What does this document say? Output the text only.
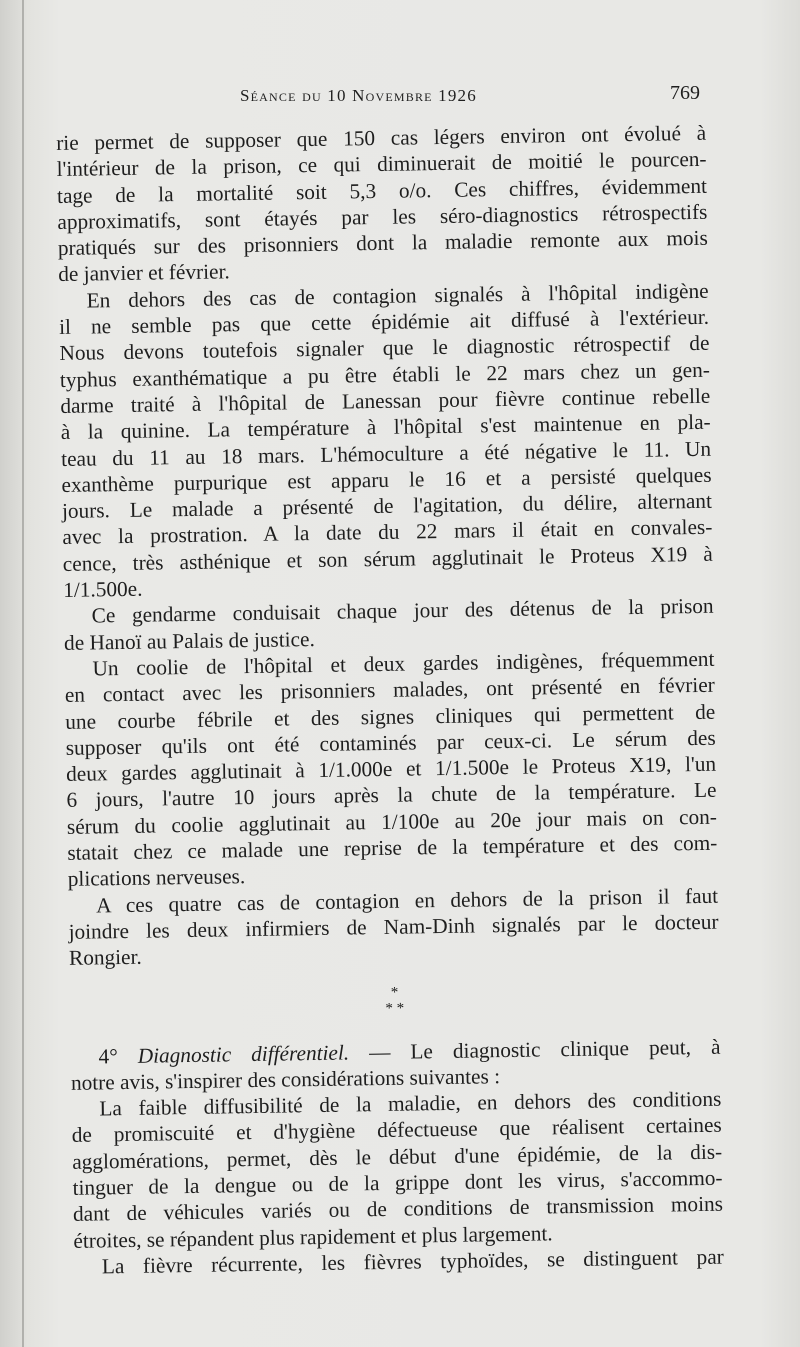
Séance du 10 Novembre 1926	769

rie permet de supposer que 150 cas légers environ ont évolué à
l'intérieur de la prison, ce qui diminuerait de moitié le pourcen-
tage de la mortalité soit 5,3 o/o. Ces chiffres, évidemment
approximatifs, sont étayés par les séro-diagnostics rétrospectifs
pratiqués sur des prisonniers dont la maladie remonte aux mois
de janvier et février.

En dehors des cas de contagion signalés à l'hôpital indigène
il ne semble pas que cette épidémie ait diffusé à l'extérieur.
Nous devons toutefois signaler que le diagnostic rétrospectif de
typhus exanthématique a pu être établi le 22 mars chez un gen-
darme traité à l'hôpital de Lanessan pour fièvre continue rebelle
à la quinine. La température à l'hôpital s'est maintenue en pla-
teau du 11 au 18 mars. L'hémoculture a été négative le 11. Un
exanthème purpurique est apparu le 16 et a persisté quelques
jours. Le malade a présenté de l'agitation, du délire, alternant
avec la prostration. A la date du 22 mars il était en convales-
cence, très asthénique et son sérum agglutinait le Proteus X19 à
1/1.500e.

Ce gendarme conduisait chaque jour des détenus de la prison
de Hanoï au Palais de justice.

Un coolie de l'hôpital et deux gardes indigènes, fréquemment
en contact avec les prisonniers malades, ont présenté en février
une courbe fébrile et des signes cliniques qui permettent de
supposer qu'ils ont été contaminés par ceux-ci. Le sérum des
deux gardes agglutinait à 1/1.000e et 1/1.500e le Proteus X19, l'un
6 jours, l'autre 10 jours après la chute de la température. Le
sérum du coolie agglutinait au 1/100e au 20e jour mais on con-
statait chez ce malade une reprise de la température et des com-
plications nerveuses.

A ces quatre cas de contagion en dehors de la prison il faut
joindre les deux infirmiers de Nam-Dinh signalés par le docteur
Rongier.

*
* *

4° Diagnostic différentiel. — Le diagnostic clinique peut, à
notre avis, s'inspirer des considérations suivantes :

La faible diffusibilité de la maladie, en dehors des conditions
de promiscuité et d'hygiène défectueuse que réalisent certaines
agglomérations, permet, dès le début d'une épidémie, de la dis-
tinguer de la dengue ou de la grippe dont les virus, s'accommo-
dant de véhicules variés ou de conditions de transmission moins
étroites, se répandent plus rapidement et plus largement.

La fièvre récurrente, les fièvres typhoïdes, se distinguent par
